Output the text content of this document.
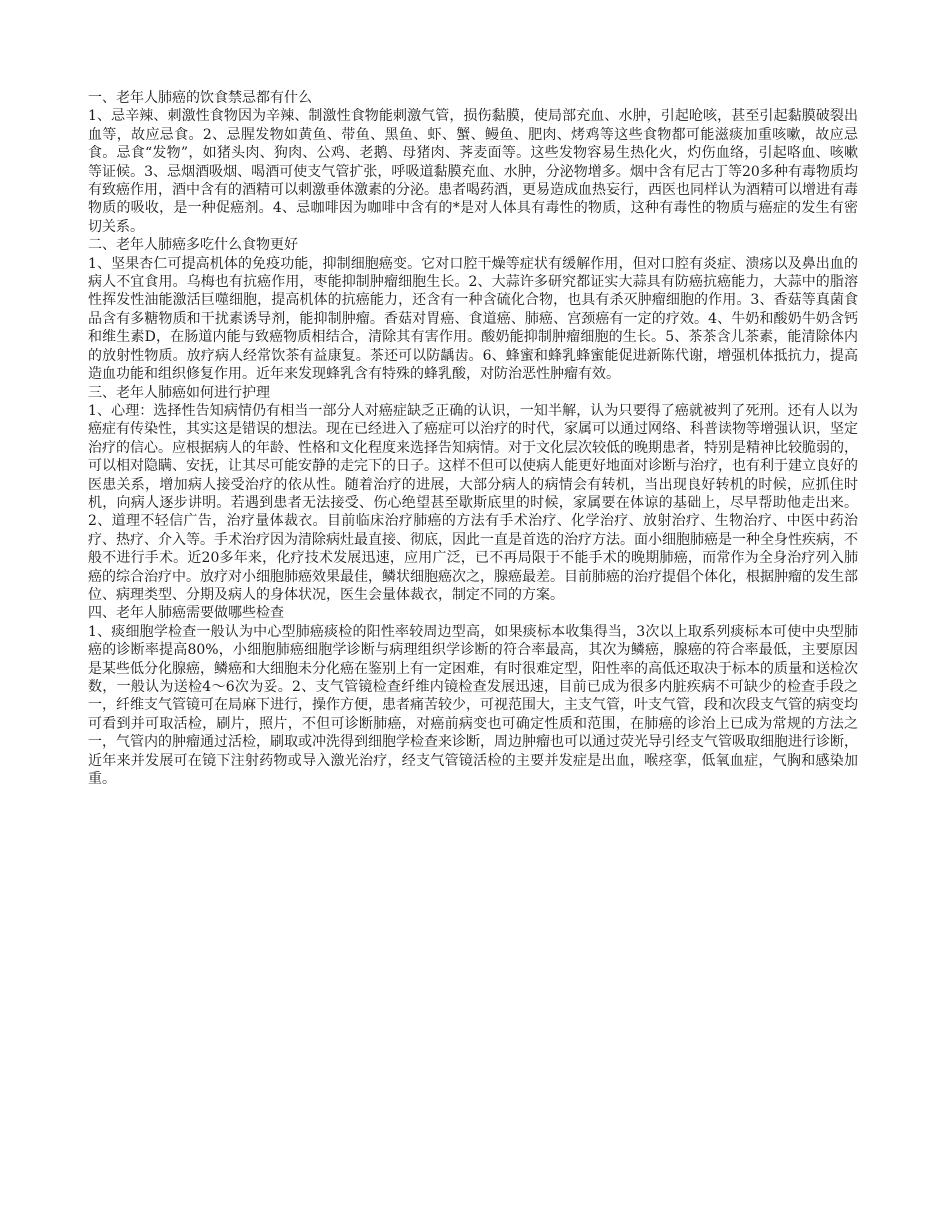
一、老年人肺癌的饮食禁忌都有什么

1、忌辛辣、刺激性食物因为辛辣、制激性食物能刺激气管，损伤黏膜，使局部充血、水肿，引起呛咳，甚至引起黏膜破裂出血等，故应忌食。2、忌腥发物如黄鱼、带鱼、黑鱼、虾、蟹、鳗鱼、肥肉、烤鸡等这些食物都可能滋痰加重咳嗽，故应忌食。忌食“发物”，如猪头肉、狗肉、公鸡、老鹅、母猪肉、荠麦面等。这些发物容易生热化火，灼伤血络，引起咯血、咳嗽等证候。3、忌烟酒吸烟、喝酒可使支气管扩张，呼吸道黏膜充血、水肿，分泌物增多。烟中含有尼古丁等20多种有毒物质均有致癌作用，酒中含有的酒精可以刺激垂体激素的分泌。患者喝药酒，更易造成血热妄行，西医也同样认为酒精可以增进有毒物质的吸收，是一种促癌剂。4、忌咖啡因为咖啡中含有的*是对人体具有毒性的物质，这种有毒性的物质与癌症的发生有密切关系。

二、老年人肺癌多吃什么食物更好

1、坚果杏仁可提高机体的免疫功能，抑制细胞癌变。它对口腔干燥等症状有缓解作用，但对口腔有炎症、溃疡以及鼻出血的病人不宜食用。乌梅也有抗癌作用，枣能抑制肿瘤细胞生长。2、大蒜许多研究都证实大蒜具有防癌抗癌能力，大蒜中的脂溶性挥发性油能激活巨噬细胞，提高机体的抗癌能力，还含有一种含硫化合物，也具有杀灭肿瘤细胞的作用。3、香菇等真菌食品含有多糖物质和干扰素诱导剂，能抑制肿瘤。香菇对胃癌、食道癌、肺癌、宫颈癌有一定的疗效。4、牛奶和酸奶牛奶含钙和维生素D，在肠道内能与致癌物质相结合，清除其有害作用。酸奶能抑制肿瘤细胞的生长。5、茶茶含儿茶素，能清除体内的放射性物质。放疗病人经常饮茶有益康复。茶还可以防龋齿。6、蜂蜜和蜂乳蜂蜜能促进新陈代谢，增强机体抵抗力，提高造血功能和组织修复作用。近年来发现蜂乳含有特殊的蜂乳酸，对防治恶性肿瘤有效。

三、老年人肺癌如何进行护理

1、心理：选择性告知病情仍有相当一部分人对癌症缺乏正确的认识，一知半解，认为只要得了癌就被判了死刑。还有人以为癌症有传染性，其实这是错误的想法。现在已经进入了癌症可以治疗的时代，家属可以通过网络、科普读物等增强认识，坚定治疗的信心。应根据病人的年龄、性格和文化程度来选择告知病情。对于文化层次较低的晚期患者，特别是精神比较脆弱的，可以相对隐瞒、安抚，让其尽可能安静的走完下的日子。这样不但可以使病人能更好地面对诊断与治疗，也有利于建立良好的医患关系，增加病人接受治疗的依从性。随着治疗的进展，大部分病人的病情会有转机，当出现良好转机的时候，应抓住时机，向病人逐步讲明。若遇到患者无法接受、伤心绝望甚至歇斯底里的时候，家属要在体谅的基础上，尽早帮助他走出来。2、道理不轻信广告，治疗量体裁衣。目前临床治疗肺癌的方法有手术治疗、化学治疗、放射治疗、生物治疗、中医中药治疗、热疗、介入等。手术治疗因为清除病灶最直接、彻底，因此一直是首选的治疗方法。面小细胞肺癌是一种全身性疾病，不般不进行手术。近20多年来，化疗技术发展迅速，应用广泛，已不再局限于不能手术的晚期肺癌，而常作为全身治疗列入肺癌的综合治疗中。放疗对小细胞肺癌效果最佳，鳞状细胞癌次之，腺癌最差。目前肺癌的治疗提倡个体化，根据肿瘤的发生部位、病理类型、分期及病人的身体状况，医生会量体裁衣，制定不同的方案。

四、老年人肺癌需要做哪些检查

1、痰细胞学检查一般认为中心型肺癌痰检的阳性率较周边型高，如果痰标本收集得当，3次以上取系列痰标本可使中央型肺癌的诊断率提高80%，小细胞肺癌细胞学诊断与病理组织学诊断的符合率最高，其次为鳞癌，腺癌的符合率最低，主要原因是某些低分化腺癌，鳞癌和大细胞未分化癌在鉴别上有一定困难，有时很难定型，阳性率的高低还取决于标本的质量和送检次数，一般认为送检4～6次为妥。2、支气管镜检查纤维内镜检查发展迅速，目前已成为很多内脏疾病不可缺少的检查手段之一，纤维支气管镜可在局麻下进行，操作方便，患者痛苦较少，可视范围大，主支气管，叶支气管，段和次段支气管的病变均可看到并可取活检，刷片，照片，不但可诊断肺癌，对癌前病变也可确定性质和范围，在肺癌的诊治上已成为常规的方法之一，气管内的肿瘤通过活检，刷取或冲洗得到细胞学检查来诊断，周边肿瘤也可以通过荧光导引经支气管吸取细胞进行诊断，近年来并发展可在镜下注射药物或导入激光治疗，经支气管镜活检的主要并发症是出血，喉痉挛，低氧血症，气胸和感染加重。
